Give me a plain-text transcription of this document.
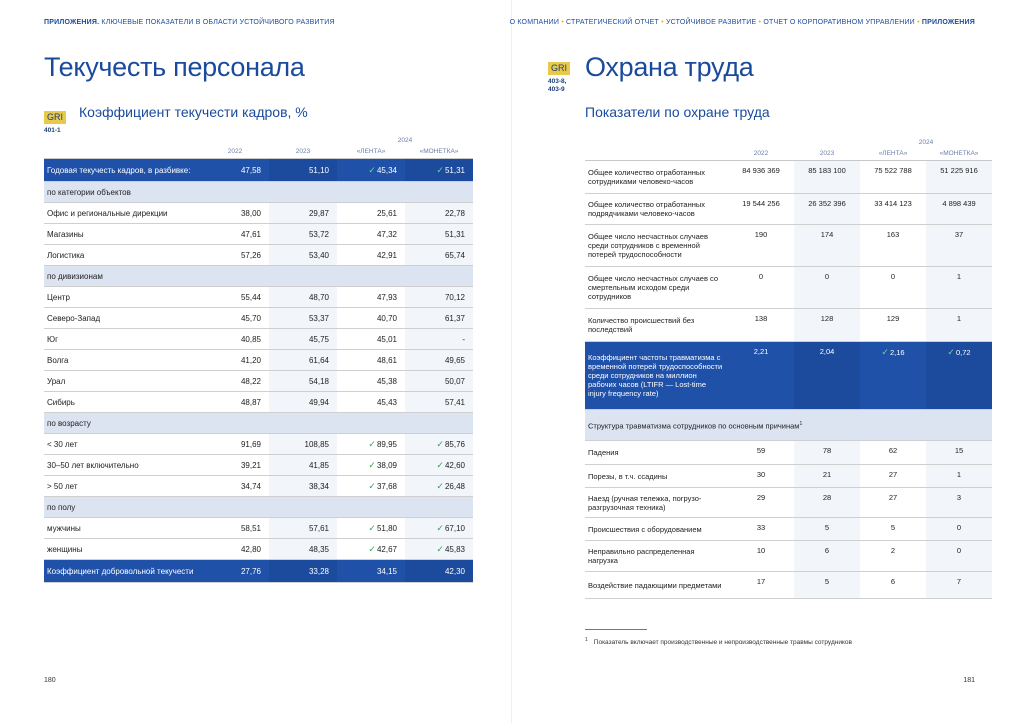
ПРИЛОЖЕНИЯ. КЛЮЧЕВЫЕ ПОКАЗАТЕЛИ В ОБЛАСТИ УСТОЙЧИВОГО РАЗВИТИЯ
Текучесть персонала
GRI
401-1
Коэффициент текучести кадров, %
			2024	
	2022	2023	«ЛЕНТА»	«МОНЕТКА»
Годовая текучесть кадров, в разбивке:	47,58	51,10	✓45,34	✓51,31
по категории объектов				
Офис и региональные дирекции	38,00	29,87	25,61	22,78
Магазины	47,61	53,72	47,32	51,31
Логистика	57,26	53,40	42,91	65,74
по дивизионам				
Центр	55,44	48,70	47,93	70,12
Северо-Запад	45,70	53,37	40,70	61,37
Юг	40,85	45,75	45,01	-
Волга	41,20	61,64	48,61	49,65
Урал	48,22	54,18	45,38	50,07
Сибирь	48,87	49,94	45,43	57,41
по возрасту				
< 30 лет	91,69	108,85	✓89,95	✓85,76
30–50 лет включительно	39,21	41,85	✓38,09	✓42,60
> 50 лет	34,74	38,34	✓37,68	✓26,48
по полу				
мужчины	58,51	57,61	✓51,80	✓67,10
женщины	42,80	48,35	✓42,67	✓45,83
Коэффициент добровольной текучести	27,76	33,28	34,15	42,30
180
О КОМПАНИИ • СТРАТЕГИЧЕСКИЙ ОТЧЕТ • УСТОЙЧИВОЕ РАЗВИТИЕ • ОТЧЕТ О КОРПОРАТИВНОМ УПРАВЛЕНИИ • ПРИЛОЖЕНИЯ
GRI
403-8,
403-9
Охрана труда
Показатели по охране труда
			2024	
	2022	2023	«ЛЕНТА»	«МОНЕТКА»
Общее количество отработанных сотрудниками человеко-часов	84 936 369	85 183 100	75 522 788	51 225 916
Общее количество отработанных подрядчиками человеко-часов	19 544 256	26 352 396	33 414 123	4 898 439
Общее число несчастных случаев среди сотрудников с временной потерей трудоспособности	190	174	163	37
Общее число несчастных случаев со смертельным исходом среди сотрудников	0	0	0	1
Количество происшествий без последствий	138	128	129	1
Коэффициент частоты травматизма с временной потерей трудоспособности среди сотрудников на миллион рабочих часов (LTIFR — Lost-time injury frequency rate)	2,21	2,04	✓2,16	✓0,72
Структура травматизма сотрудников по основным причинам$^1$
Падения	59	78	62	15
Порезы, в т.ч. ссадины	30	21	27	1
Наезд (ручная тележка, погрузо-разгрузочная техника)	29	28	27	3
Происшествия с оборудованием	33	5	5	0
Неправильно распределенная нагрузка	10	6	2	0
Воздействие падающими предметами	17	5	6	7
181
$^1$ Показатель включает производственные и непроизводственные травмы сотрудников
